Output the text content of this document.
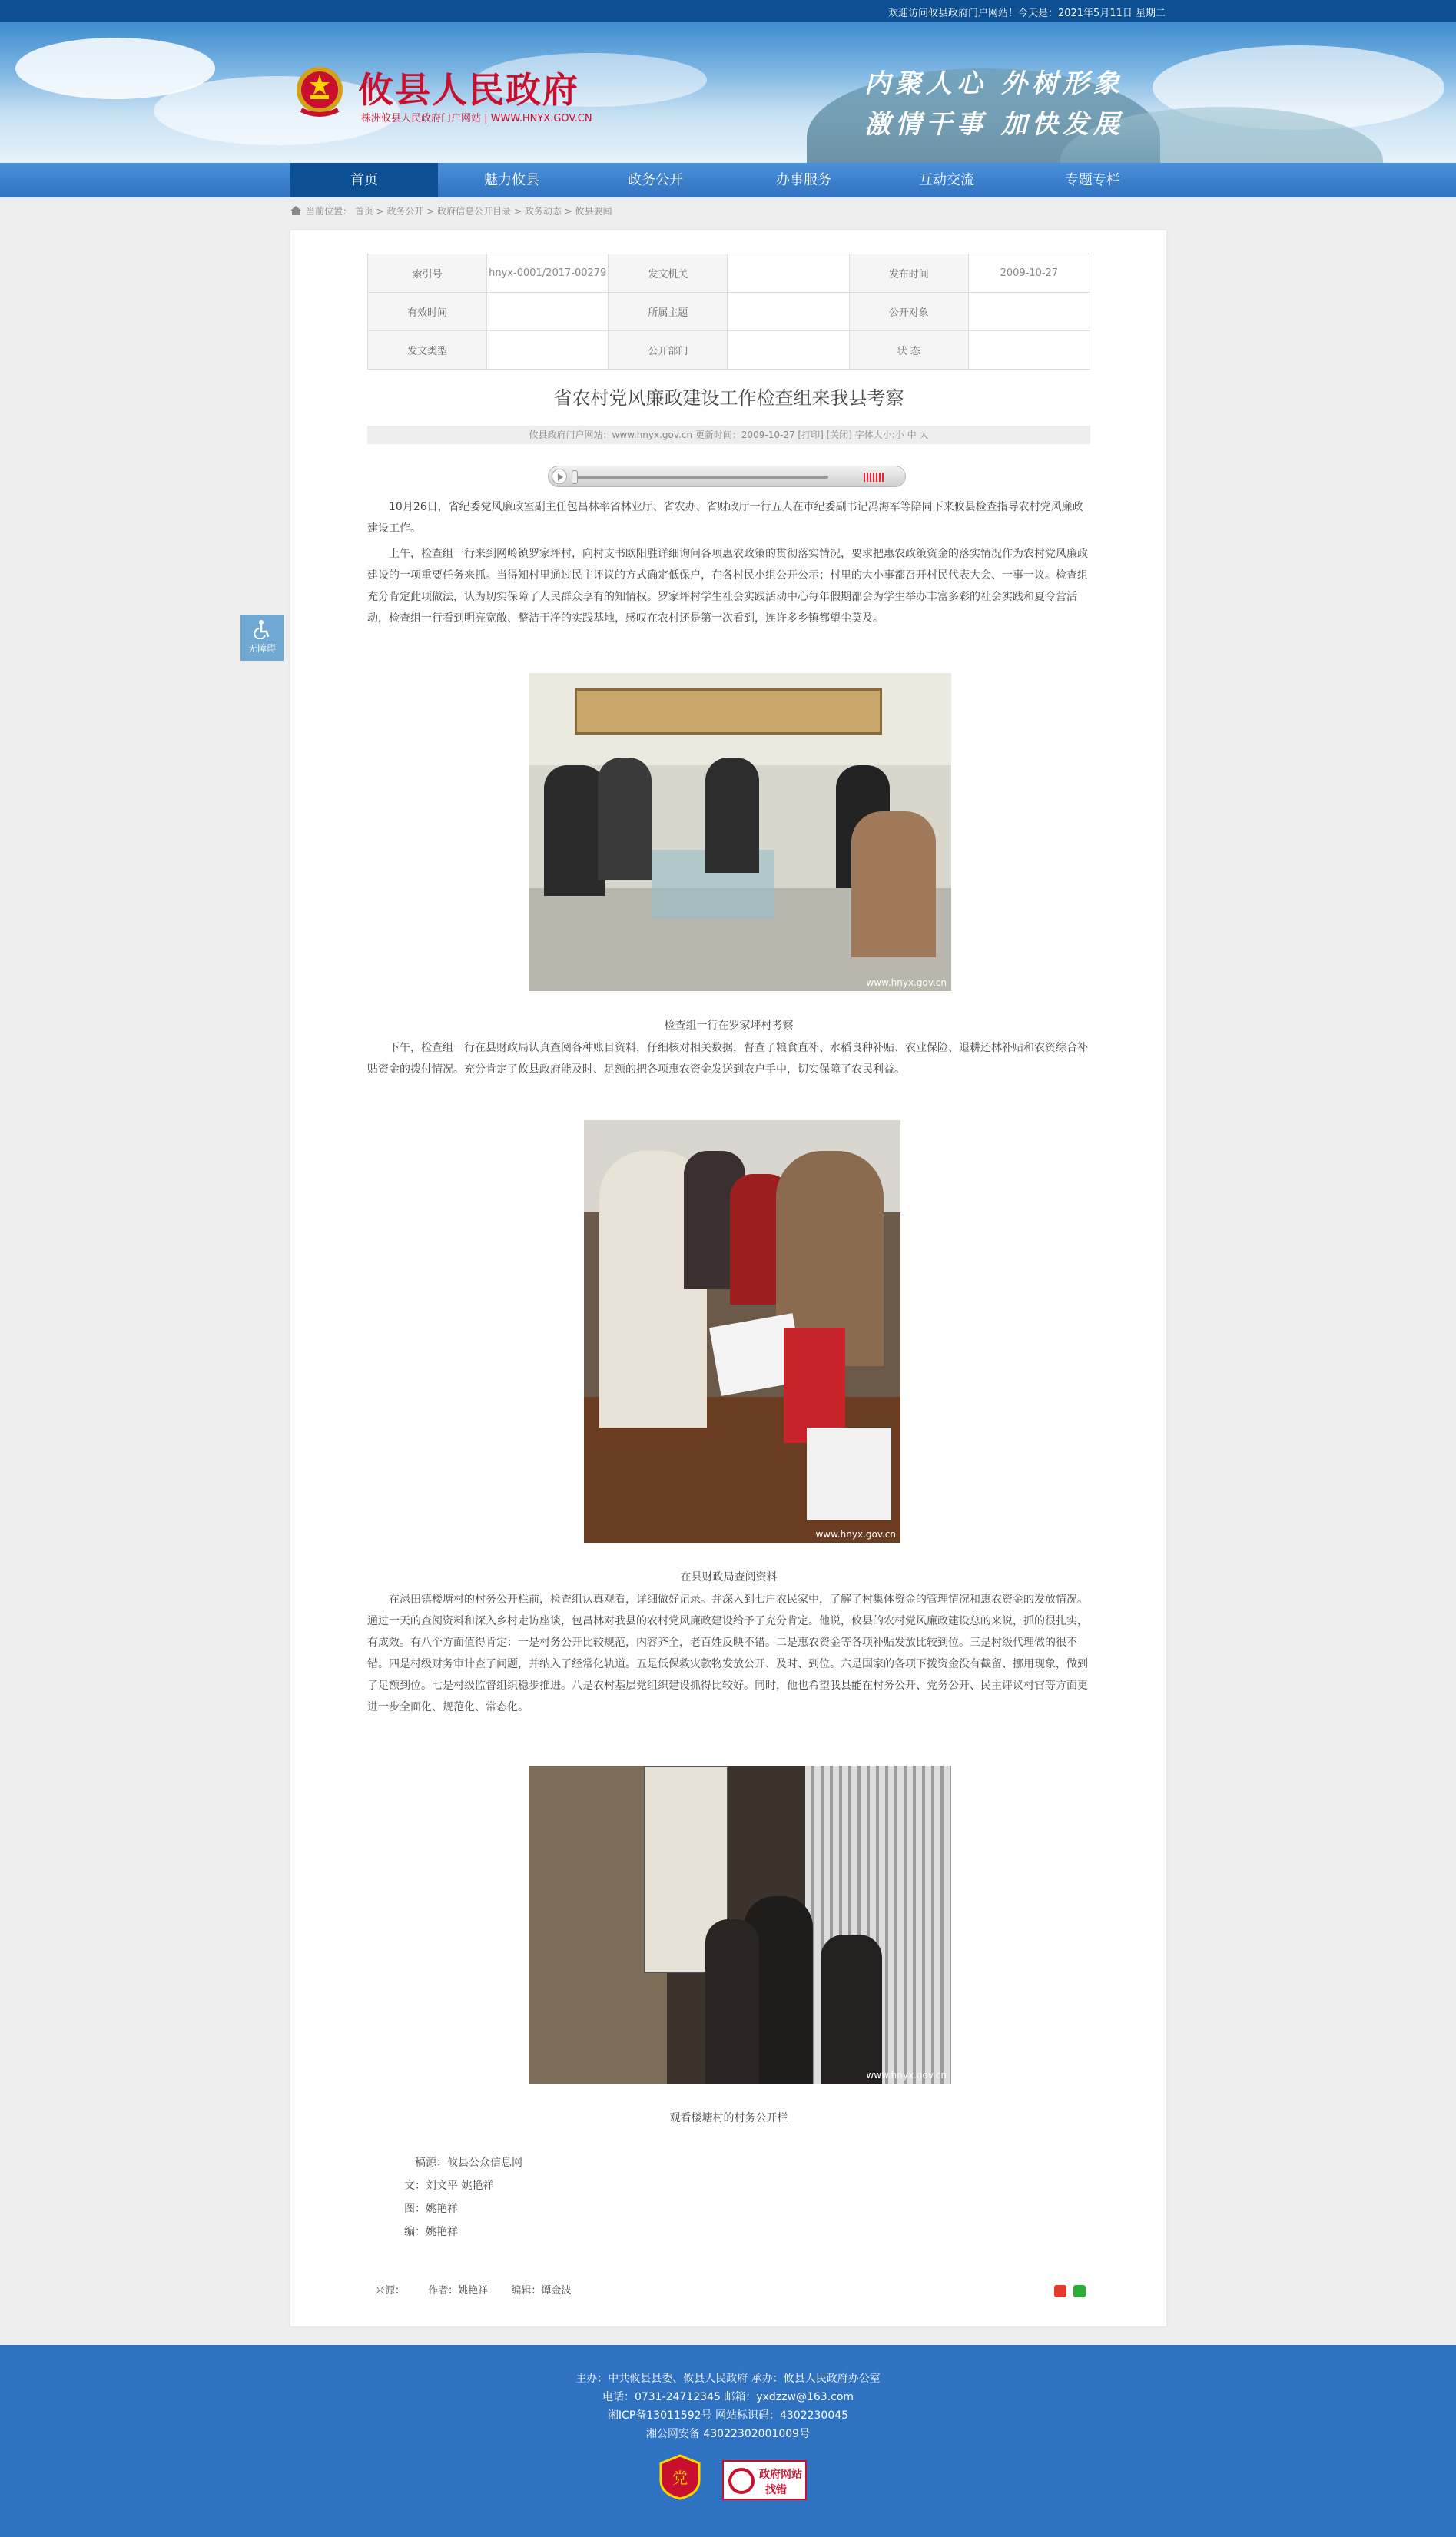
欢迎访问攸县政府门户网站！今天是：2021年5月11日 星期二
攸县人民政府
株洲攸县人民政府门户网站 | WWW.HNYX.GOV.CN
内聚人心 外树形象
激情干事 加快发展
首页	魅力攸县	政务公开	办事服务	互动交流	专题专栏
当前位置： 首页 > 政务公开 > 政府信息公开目录 > 政务动态 > 攸县要闻
索引号	hnyx-0001/2017-00279	发文机关		发布时间	2009-10-27
有效时间		所属主题		公开对象	
发文类型		公开部门		状 态	
省农村党风廉政建设工作检查组来我县考察
攸县政府门户网站：www.hnyx.gov.cn 更新时间：2009-10-27 [打印] [关闭] 字体大小:小 中 大
10月26日，省纪委党风廉政室副主任包昌林率省林业厅、省农办、省财政厅一行五人在市纪委副书记冯海军等陪同下来攸县检查指导农村党风廉政建设工作。
上午，检查组一行来到网岭镇罗家坪村，向村支书欧阳胜详细询问各项惠农政策的贯彻落实情况，要求把惠农政策资金的落实情况作为农村党风廉政建设的一项重要任务来抓。当得知村里通过民主评议的方式确定低保户，在各村民小组公开公示；村里的大小事都召开村民代表大会、一事一议。检查组充分肯定此项做法，认为切实保障了人民群众享有的知情权。罗家坪村学生社会实践活动中心每年假期都会为学生举办丰富多彩的社会实践和夏令营活动，检查组一行看到明亮宽敞、整洁干净的实践基地，感叹在农村还是第一次看到，连许多乡镇都望尘莫及。
www.hnyx.gov.cn
检查组一行在罗家坪村考察
下午，检查组一行在县财政局认真查阅各种账目资料，仔细核对相关数据，督查了粮食直补、水稻良种补贴、农业保险、退耕还林补贴和农资综合补贴资金的拨付情况。充分肯定了攸县政府能及时、足额的把各项惠农资金发送到农户手中，切实保障了农民利益。
www.hnyx.gov.cn
在县财政局查阅资料
在渌田镇楼塘村的村务公开栏前，检查组认真观看，详细做好记录。并深入到七户农民家中，了解了村集体资金的管理情况和惠农资金的发放情况。通过一天的查阅资料和深入乡村走访座谈，包昌林对我县的农村党风廉政建设给予了充分肯定。他说，攸县的农村党风廉政建设总的来说，抓的很扎实，有成效。有八个方面值得肯定：一是村务公开比较规范，内容齐全，老百姓反映不错。二是惠农资金等各项补贴发放比较到位。三是村级代理做的很不错。四是村级财务审计查了问题，并纳入了经常化轨道。五是低保救灾款物发放公开、及时、到位。六是国家的各项下拨资金没有截留、挪用现象，做到了足额到位。七是村级监督组织稳步推进。八是农村基层党组织建设抓得比较好。同时，他也希望我县能在村务公开、党务公开、民主评议村官等方面更进一步全面化、规范化、常态化。
www.hnyx.gov.cn
观看楼塘村的村务公开栏
稿源：攸县公众信息网
文：刘文平 姚艳祥
图：姚艳祥
编：姚艳祥
来源： 作者：姚艳祥 编辑：谭金波

无障碍
主办：中共攸县县委、攸县人民政府 承办：攸县人民政府办公室
电话：0731-24712345 邮箱：yxdzzw@163.com
湘ICP备13011592号 网站标识码：4302230045
湘公网安备 43022302001009号
党	政府网站
找错
